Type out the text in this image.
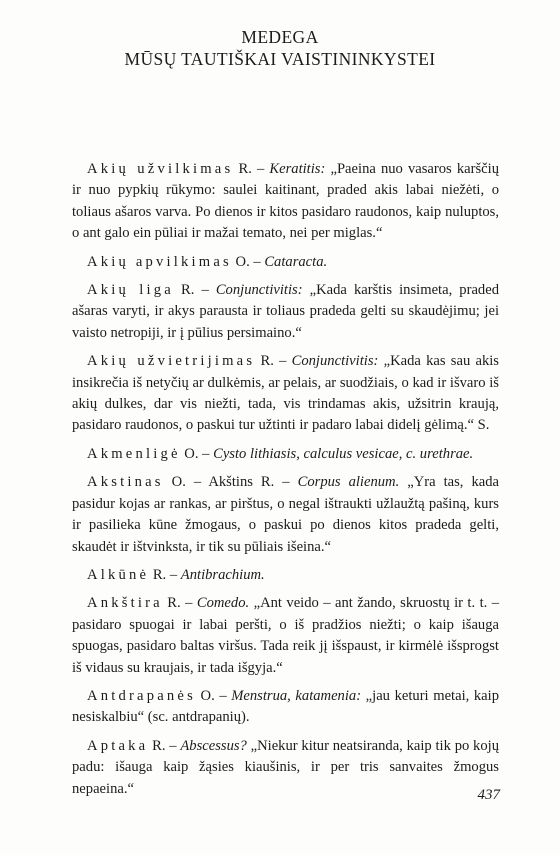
MEDEGA
MŪSŲ TAUTIŠKAI VAISTININKYSTEI

Akių užvilkimas R. – Keratitis: „Paeina nuo vasaros karščių ir nuo pypkių rūkymo: saulei kaitinant, praded akis labai niežėti, o toliaus ašaros varva. Po dienos ir kitos pasidaro raudonos, kaip nuluptos, o ant galo ein pūliai ir mažai temato, nei per miglas.“

Akių apvilkimas O. – Cataracta.

Akių liga R. – Conjunctivitis: „Kada karštis insimeta, praded ašaras varyti, ir akys parausta ir toliaus pradeda gelti su skaudėjimu; jei vaisto netropiji, ir į pūlius persimaino.“

Akių užvietrijimas R. – Conjunctivitis: „Kada kas sau akis insikrečia iš netyčių ar dulkėmis, ar pelais, ar suodžiais, o kad ir išvaro iš akių dulkes, dar vis niežti, tada, vis trindamas akis, užsitrin kraują, pasidaro raudonos, o paskui tur užtinti ir padaro labai didelį gėlimą.“ S.

Akmenligė O. – Cysto lithiasis, calculus vesicae, c. urethrae.

Akstinas O. – Akštins R. – Corpus alienum. „Yra tas, kada pasidur kojas ar rankas, ar pirštus, o negal ištraukti užlaužtą pašiną, kurs ir pasilieka kūne žmogaus, o paskui po dienos kitos pradeda gelti, skaudėt ir ištvinksta, ir tik su pūliais išeina.“

Alkūnė R. – Antibrachium.

Ankštira R. – Comedo. „Ant veido – ant žando, skruostų ir t. t. – pasidaro spuogai ir labai peršti, o iš pradžios niežti; o kaip išauga spuogas, pasidaro baltas viršus. Tada reik jį išspaust, ir kirmėlė išsprogst iš vidaus su kraujais, ir tada išgyja.“

Antdrapanės O. – Menstrua, katamenia: „jau keturi metai, kaip nesiskalbiu“ (sc. antdrapanių).

Aptaka R. – Abscessus? „Niekur kitur neatsiranda, kaip tik po kojų padu: išauga kaip žąsies kiaušinis, ir per tris sanvaites žmogus nepaeina.“	437
